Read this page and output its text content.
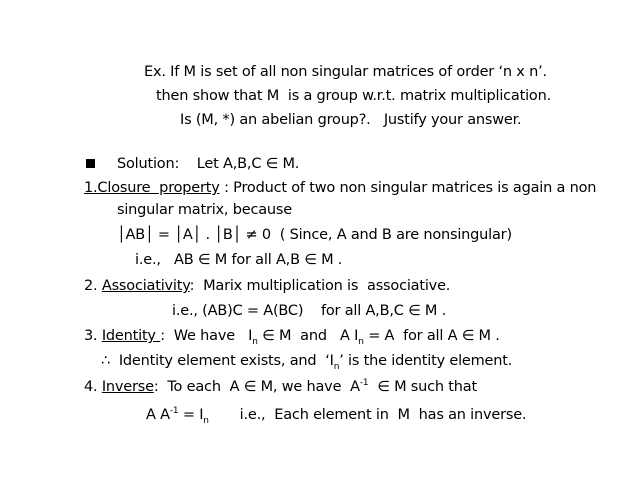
Ex. If M is set of all non singular matrices of order ‘n x n’.
then show that M  is a group w.r.t. matrix multiplication.
Is (M, *) an abelian group?.   Justify your answer.
Solution:    Let A,B,C ∈ M.
1.Closure  property : Product of two non singular matrices is again a non
singular matrix, because
│AB│ = │A│ . │B│ ≠ 0  ( Since, A and B are nonsingular)
i.e.,   AB ∈ M for all A,B ∈ M .
2. Associativity:  Marix multiplication is  associative.
i.e., (AB)C = A(BC)    for all A,B,C ∈ M .
3. Identity :  We have   $I_n$ ∈ M  and   A $I_n = A$  for all A ∈ M .
∴  Identity element exists, and  ‘$I_n$’ is the identity element.
4. Inverse:  To each  A ∈ M, we have  $A^{-1}$  ∈ M such that
A $A^{-1} = I_n$       i.e.,  Each element in  M  has an inverse.
